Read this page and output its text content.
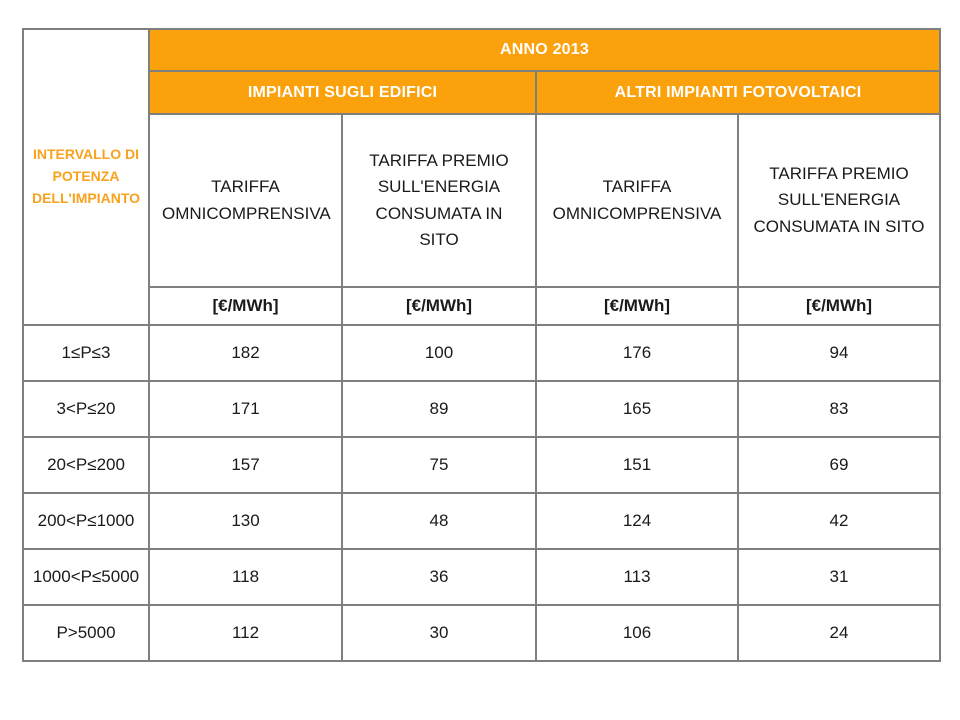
INTERVALLO DI POTENZA DELL'IMPIANTO	ANNO 2013			
	IMPIANTI SUGLI EDIFICI		ALTRI IMPIANTI FOTOVOLTAICI	
	TARIFFA OMNICOMPRENSIVA	TARIFFA PREMIO SULL'ENERGIA CONSUMATA IN SITO	TARIFFA OMNICOMPRENSIVA	TARIFFA PREMIO SULL'ENERGIA CONSUMATA IN SITO
	[€/MWh]	[€/MWh]	[€/MWh]	[€/MWh]
1≤P≤3	182	100	176	94
3<P≤20	171	89	165	83
20<P≤200	157	75	151	69
200<P≤1000	130	48	124	42
1000<P≤5000	118	36	113	31
P>5000	112	30	106	24
